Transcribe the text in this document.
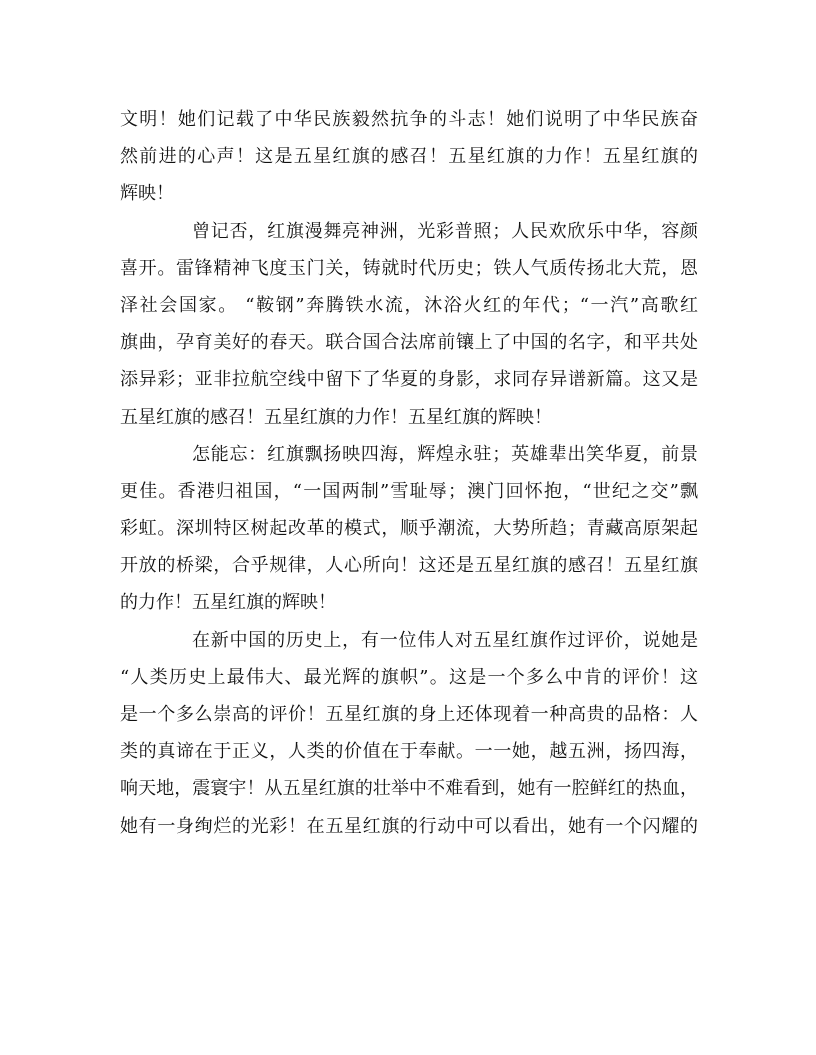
文明！她们记载了中华民族毅然抗争的斗志！她们说明了中华民族奋
然前进的心声！这是五星红旗的感召！五星红旗的力作！五星红旗的
辉映！
曾记否，红旗漫舞亮神洲，光彩普照；人民欢欣乐中华，容颜
喜开。雷锋精神飞度玉门关，铸就时代历史；铁人气质传扬北大荒，恩
泽社会国家。 “鞍钢”奔腾铁水流，沐浴火红的年代；“一汽”高歌红
旗曲，孕育美好的春天。联合国合法席前镶上了中国的名字，和平共处
添异彩；亚非拉航空线中留下了华夏的身影，求同存异谱新篇。这又是
五星红旗的感召！五星红旗的力作！五星红旗的辉映！
怎能忘：红旗飘扬映四海，辉煌永驻；英雄辈出笑华夏，前景
更佳。香港归祖国，“一国两制”雪耻辱；澳门回怀抱，“世纪之交”飘
彩虹。深圳特区树起改革的模式，顺乎潮流，大势所趋；青藏高原架起
开放的桥梁，合乎规律，人心所向！这还是五星红旗的感召！五星红旗
的力作！五星红旗的辉映！
在新中国的历史上，有一位伟人对五星红旗作过评价，说她是
“人类历史上最伟大、最光辉的旗帜”。这是一个多么中肯的评价！这
是一个多么崇高的评价！五星红旗的身上还体现着一种高贵的品格：人
类的真谛在于正义，人类的价值在于奉献。一一她，越五洲，扬四海，
响天地，震寰宇！从五星红旗的壮举中不难看到，她有一腔鲜红的热血，
她有一身绚烂的光彩！在五星红旗的行动中可以看出，她有一个闪耀的
